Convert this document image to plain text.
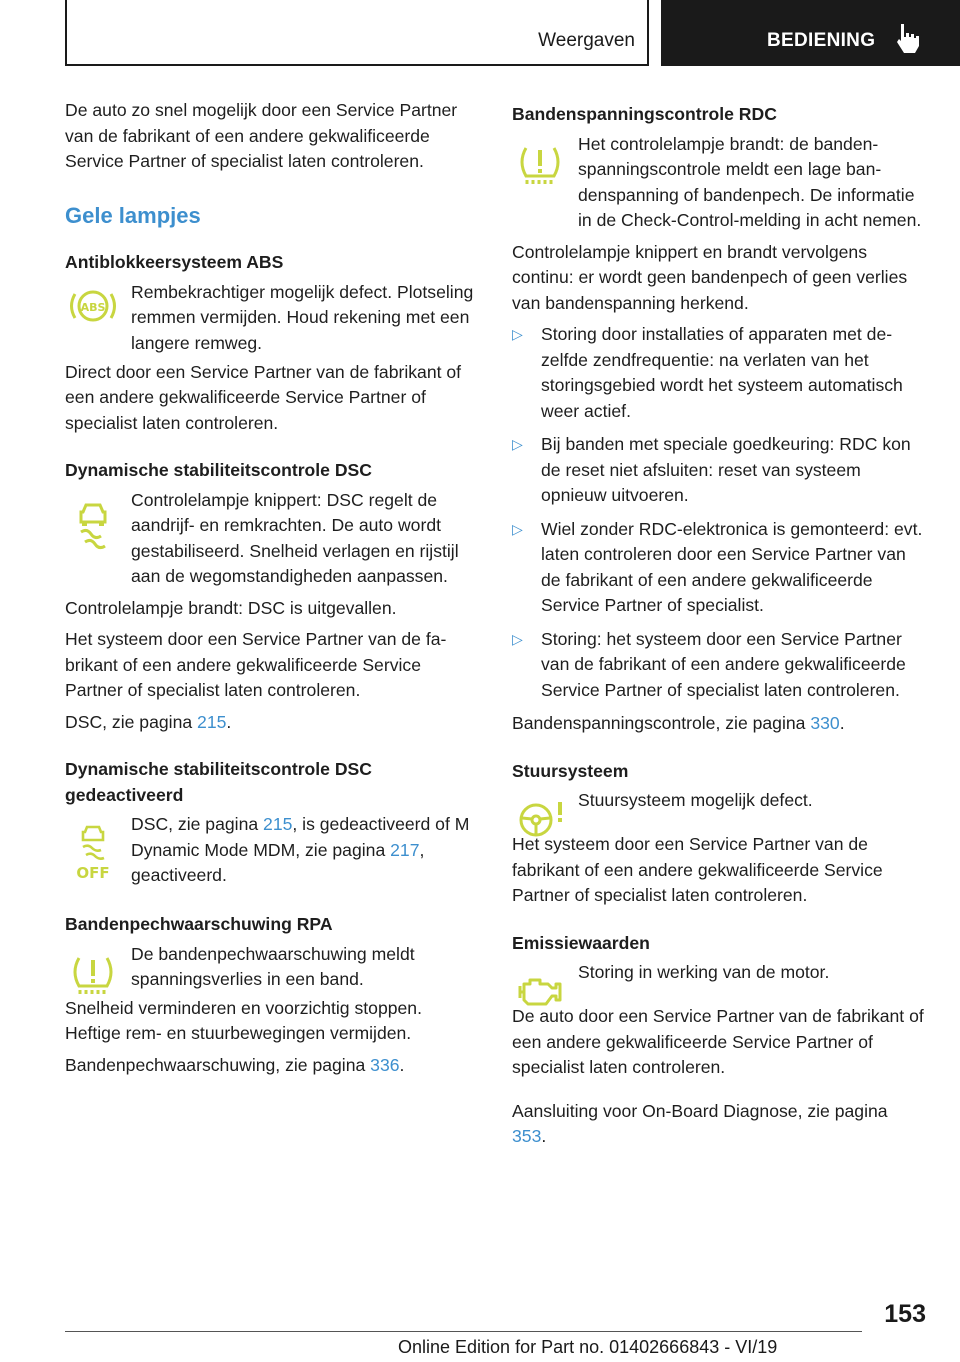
Weergaven	BEDIENING

De auto zo snel mogelijk door een Service Partner van de fabrikant of een andere gekwalificeerde Service Partner of specialist laten controleren.

Gele lampjes
Antiblokkeersysteem ABS
ABS

Rembekrachtiger mogelijk defect. Plotseling remmen vermijden. Houd rekening met een langere remweg.

Direct door een Service Partner van de fabrikant of een andere gekwalificeerde Service Partner of specialist laten controleren.

Dynamische stabiliteitscontrole DSC

Controlelampje knippert: DSC regelt de aandrijf- en remkrachten. De auto wordt gestabiliseerd. Snelheid verlagen en rijstijl aan de wegomstandigheden aanpassen.

Controlelampje brandt: DSC is uitgevallen.

Het systeem door een Service Partner van de fabrikant of een andere gekwalificeerde Service Partner of specialist laten controleren.

DSC, zie pagina 215.

Dynamische stabiliteitscontrole DSC gedeactiveerd
OFF

DSC, zie pagina 215, is gedeactiveerd of M Dynamic Mode MDM, zie pagina 217, geactiveerd.

Bandenpechwaarschuwing RPA

De bandenpechwaarschuwing meldt spanningsverlies in een band.

Snelheid verminderen en voorzichtig stoppen. Heftige rem- en stuurbewegingen vermijden.

Bandenpechwaarschuwing, zie pagina 336.

Bandenspanningscontrole RDC

Het controlelampje brandt: de bandenspanningscontrole meldt een lage bandenspanning of bandenpech. De informatie in de Check-Control-melding in acht nemen.

Controlelampje knippert en brandt vervolgens continu: er wordt geen bandenpech of geen verlies van bandenspanning herkend.

▷ Storing door installaties of apparaten met dezelfde zendfrequentie: na verlaten van het storingsgebied wordt het systeem automatisch weer actief.
▷ Bij banden met speciale goedkeuring: RDC kon de reset niet afsluiten: reset van systeem opnieuw uitvoeren.
▷ Wiel zonder RDC-elektronica is gemonteerd: evt. laten controleren door een Service Partner van de fabrikant of een andere gekwalificeerde Service Partner of specialist.
▷ Storing: het systeem door een Service Partner van de fabrikant of een andere gekwalificeerde Service Partner of specialist laten controleren.

Bandenspanningscontrole, zie pagina 330.

Stuursysteem

Stuursysteem mogelijk defect.

Het systeem door een Service Partner van de fabrikant of een andere gekwalificeerde Service Partner of specialist laten controleren.

Emissiewaarden

Storing in werking van de motor.

De auto door een Service Partner van de fabrikant of een andere gekwalificeerde Service Partner of specialist laten controleren.

Aansluiting voor On-Board Diagnose, zie pagina 353.

153
Online Edition for Part no. 01402666843 - VI/19
